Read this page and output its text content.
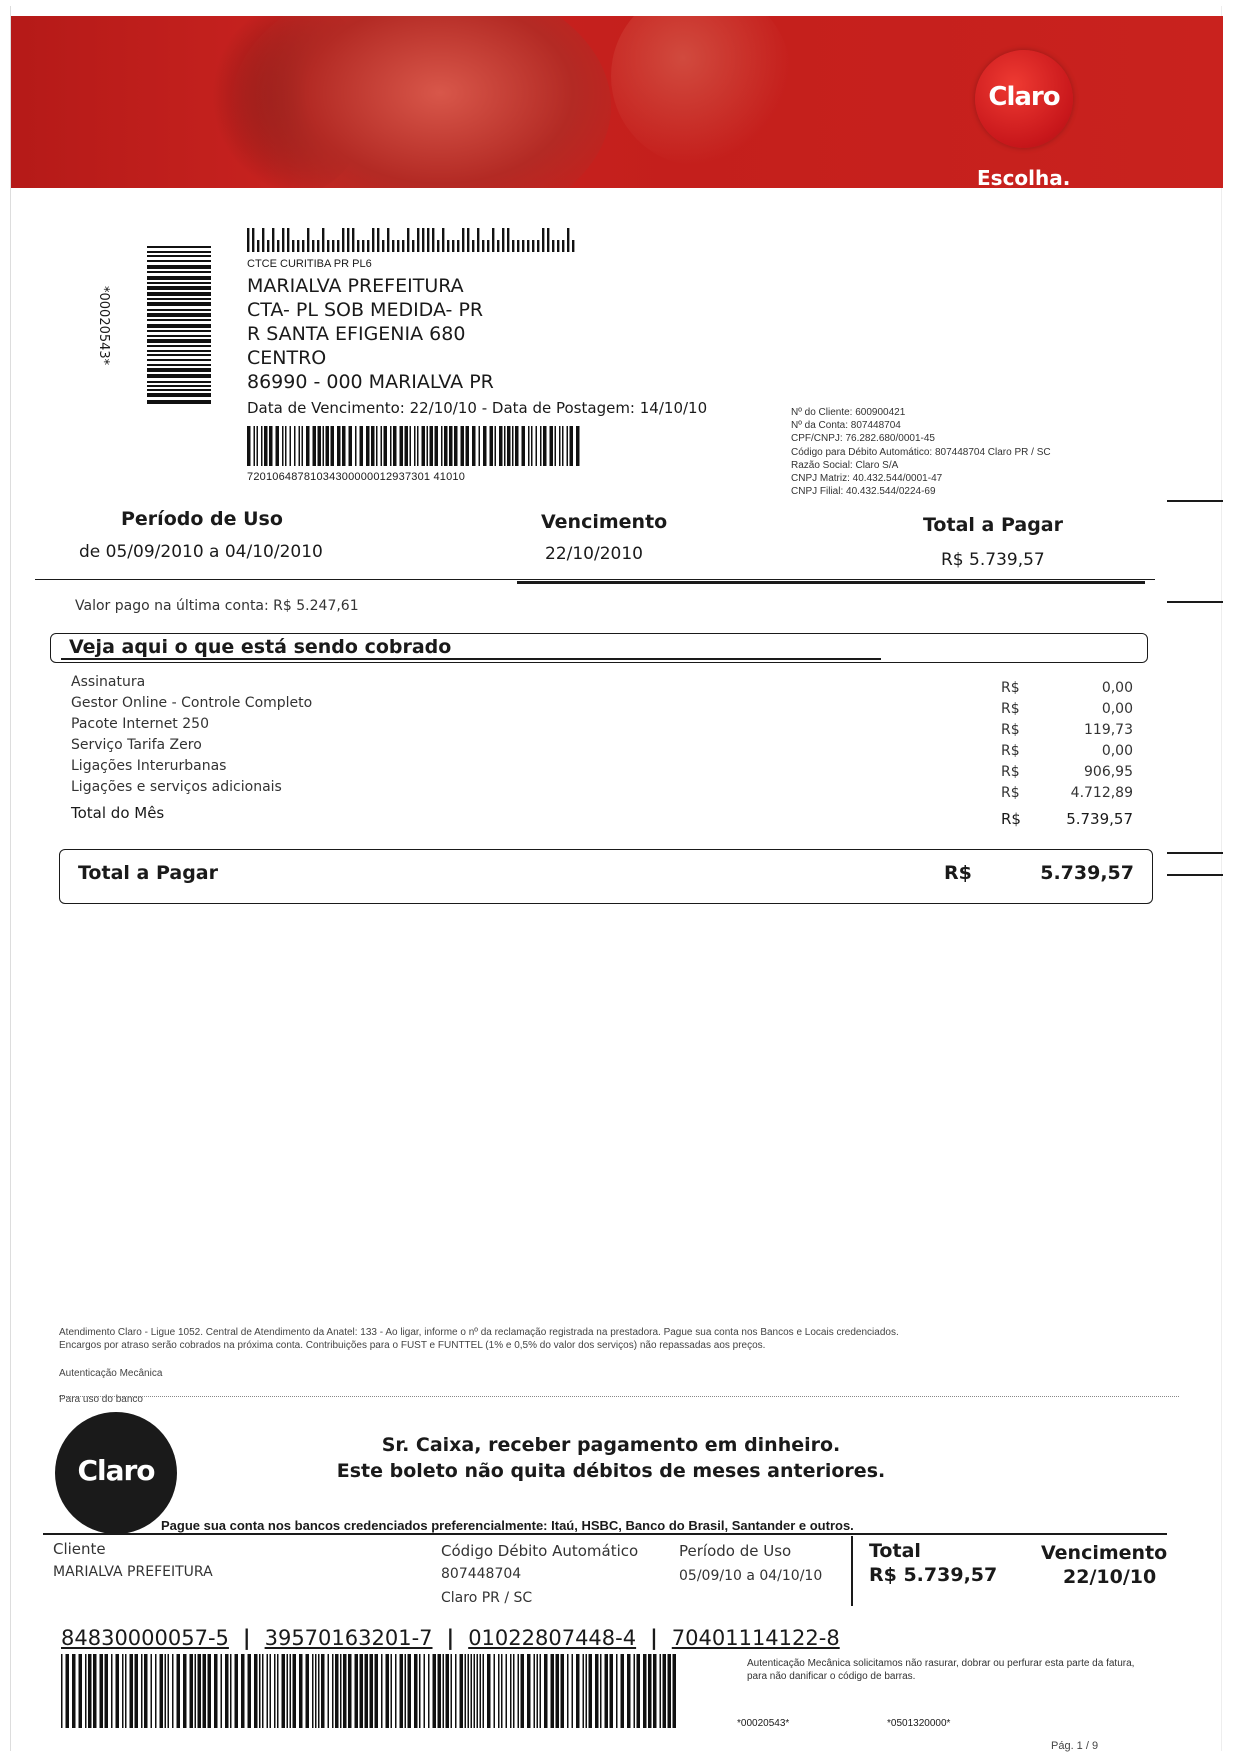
Claro
Escolha.
*00020543*
CTCE CURITIBA PR PL6
MARIALVA PREFEITURA
CTA- PL SOB MEDIDA- PR
R SANTA EFIGENIA 680
CENTRO
86990 - 000 MARIALVA PR
Data de Vencimento: 22/10/10 - Data de Postagem: 14/10/10
72010648781034300000012937301 41010
Nº do Cliente: 600900421
Nº da Conta: 807448704
CPF/CNPJ: 76.282.680/0001-45
Código para Débito Automático: 807448704 Claro PR / SC
Razão Social: Claro S/A
CNPJ Matriz: 40.432.544/0001-47
CNPJ Filial: 40.432.544/0224-69
Período de Uso
de 05/09/2010 a 04/10/2010
Vencimento
22/10/2010
Total a Pagar
R$ 5.739,57
Valor pago na última conta: R$ 5.247,61
Veja aqui o que está sendo cobrado
Assinatura	R$	0,00
Gestor Online - Controle Completo	R$	0,00
Pacote Internet 250	R$	119,73
Serviço Tarifa Zero	R$	0,00
Ligações Interurbanas	R$	906,95
Ligações e serviços adicionais	R$	4.712,89
Total do Mês	R$	5.739,57
Total a Pagar	R$	5.739,57
Atendimento Claro - Ligue 1052. Central de Atendimento da Anatel: 133 - Ao ligar, informe o nº da reclamação registrada na prestadora. Pague sua conta nos Bancos e Locais credenciados.
Encargos por atraso serão cobrados na próxima conta. Contribuições para o FUST e FUNTTEL (1% e 0,5% do valor dos serviços) não repassadas aos preços.
Autenticação Mecânica
Para uso do banco
Claro
Sr. Caixa, receber pagamento em dinheiro.
Este boleto não quita débitos de meses anteriores.
Pague sua conta nos bancos credenciados preferencialmente: Itaú, HSBC, Banco do Brasil, Santander e outros.
Cliente
MARIALVA PREFEITURA
Código Débito Automático
807448704
Claro PR / SC
Período de Uso
05/09/10 a 04/10/10
Total
R$ 5.739,57
Vencimento
22/10/10
84830000057-5 | 39570163201-7 | 01022807448-4 | 70401114122-8
Autenticação Mecânica solicitamos não rasurar, dobrar ou perfurar esta parte da fatura, para não danificar o código de barras.
*00020543*	*0501320000*
Pág. 1 / 9
